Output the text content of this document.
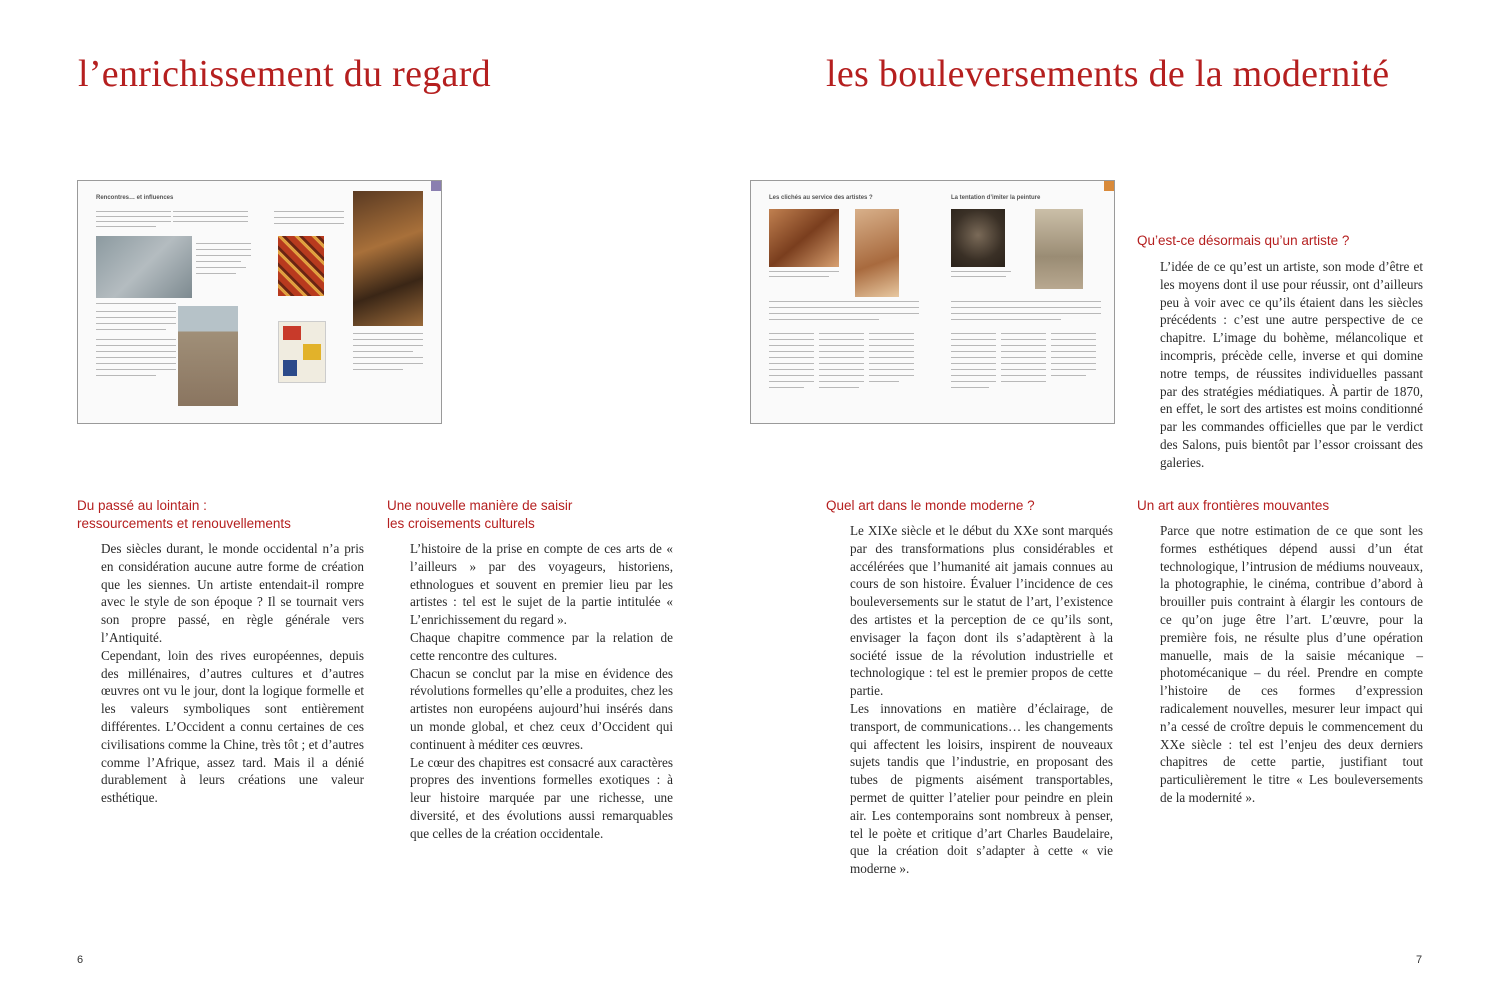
l’enrichissement du regard
Rencontres… et influences
Du passé au lointain :
ressourcements et renouvellements

Des siècles durant, le monde occidental n’a pris en considération aucune autre forme de création que les siennes. Un artiste entendait-il rompre avec le style de son époque ? Il se tournait vers son propre passé, en règle générale vers l’Antiquité.

Cependant, loin des rives européennes, depuis des millénaires, d’autres cultures et d’autres œuvres ont vu le jour, dont la logique formelle et les valeurs symboliques sont entièrement différentes. L’Occident a connu certaines de ces civilisations comme la Chine, très tôt ; et d’autres comme l’Afrique, assez tard. Mais il a dénié durablement à leurs créations une valeur esthétique.

Une nouvelle manière de saisir
les croisements culturels

L’histoire de la prise en compte de ces arts de « l’ailleurs » par des voyageurs, historiens, ethnologues et souvent en premier lieu par les artistes : tel est le sujet de la partie intitulée « L’enrichissement du regard ».

Chaque chapitre commence par la relation de cette rencontre des cultures.

Chacun se conclut par la mise en évidence des révolutions formelles qu’elle a produites, chez les artistes non européens aujourd’hui insérés dans un monde global, et chez ceux d’Occident qui continuent à méditer ces œuvres.

Le cœur des chapitres est consacré aux caractères propres des inventions formelles exotiques : à leur histoire marquée par une richesse, une diversité, et des évolutions aussi remarquables que celles de la création occidentale.

6
les bouleversements de la modernité
Les clichés au service des artistes ?	La tentation d’imiter la peinture
Qu’est-ce désormais qu’un artiste ?

L’idée de ce qu’est un artiste, son mode d’être et les moyens dont il use pour réussir, ont d’ailleurs peu à voir avec ce qu’ils étaient dans les siècles précédents : c’est une autre perspective de ce chapitre. L’image du bohème, mélancolique et incompris, précède celle, inverse et qui domine notre temps, de réussites individuelles passant par des stratégies médiatiques. À partir de 1870, en effet, le sort des artistes est moins conditionné par les commandes officielles que par le verdict des Salons, puis bientôt par l’essor croissant des galeries.

Quel art dans le monde moderne ?

Le XIXe siècle et le début du XXe sont marqués par des transformations plus considérables et accélérées que l’humanité ait jamais connues au cours de son histoire. Évaluer l’incidence de ces bouleversements sur le statut de l’art, l’existence des artistes et la perception de ce qu’ils sont, envisager la façon dont ils s’adaptèrent à la société issue de la révolution industrielle et technologique : tel est le premier propos de cette partie.

Les innovations en matière d’éclairage, de transport, de communications… les changements qui affectent les loisirs, inspirent de nouveaux sujets tandis que l’industrie, en proposant des tubes de pigments aisément transportables, permet de quitter l’atelier pour peindre en plein air. Les contemporains sont nombreux à penser, tel le poète et critique d’art Charles Baudelaire, que la création doit s’adapter à cette « vie moderne ».

Un art aux frontières mouvantes

Parce que notre estimation de ce que sont les formes esthétiques dépend aussi d’un état technologique, l’intrusion de médiums nouveaux, la photographie, le cinéma, contribue d’abord à brouiller puis contraint à élargir les contours de ce qu’on juge être l’art. L’œuvre, pour la première fois, ne résulte plus d’une opération manuelle, mais de la saisie mécanique – photomécanique – du réel. Prendre en compte l’histoire de ces formes d’expression radicalement nouvelles, mesurer leur impact qui n’a cessé de croître depuis le commencement du XXe siècle : tel est l’enjeu des deux derniers chapitres de cette partie, justifiant tout particulièrement le titre « Les bouleversements de la modernité ».

7
